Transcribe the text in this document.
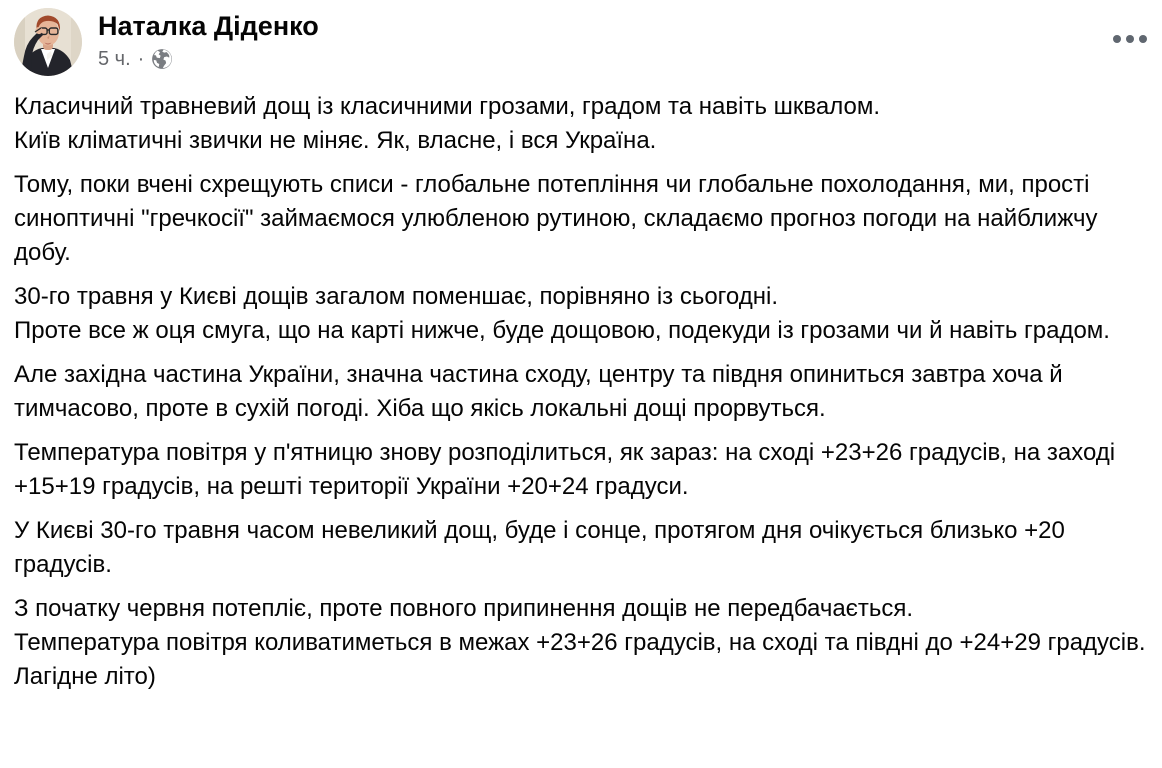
Наталка Діденко
5 ч. ·

Класичний травневий дощ із класичними грозами, градом та навіть шквалом.
Київ кліматичні звички не міняє. Як, власне, і вся Україна.

Тому, поки вчені схрещують списи - глобальне потепління чи глобальне похолодання, ми, прості синоптичні "гречкосії" займаємося улюбленою рутиною, складаємо прогноз погоди на найближчу добу.

30-го травня у Києві дощів загалом поменшає, порівняно із сьогодні.
Проте все ж оця смуга, що на карті нижче, буде дощовою, подекуди із грозами чи й навіть градом.

Але західна частина України, значна частина сходу, центру та півдня опиниться завтра хоча й тимчасово, проте в сухій погоді. Хіба що якісь локальні дощі прорвуться.

Температура повітря у п'ятницю знову розподілиться, як зараз: на сході +23+26 градусів, на заході +15+19 градусів, на решті території України +20+24 градуси.

У Києві 30-го травня часом невеликий дощ, буде і сонце, протягом дня очікується близько +20 градусів.

З початку червня потепліє, проте повного припинення дощів не передбачається.
Температура повітря коливатиметься в межах +23+26 градусів, на сході та півдні до +24+29 градусів.
Лагідне літо)
